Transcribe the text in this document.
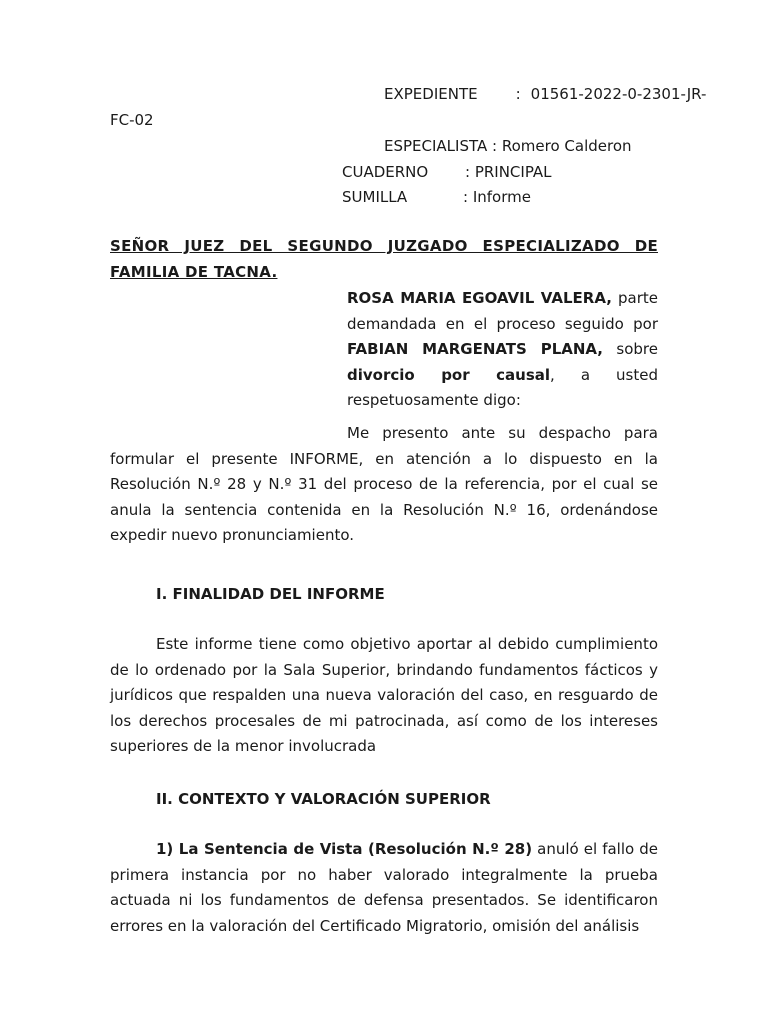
EXPEDIENTE	: 01561-2022-0-2301-JR-
FC-02
ESPECIALISTA : Romero Calderon
CUADERNO : PRINCIPAL
SUMILLA	: Informe
SEÑOR JUEZ DEL SEGUNDO JUZGADO ESPECIALIZADO DE FAMILIA DE TACNA.
ROSA MARIA EGOAVIL VALERA, parte demandada en el proceso seguido por FABIAN MARGENATS PLANA, sobre divorcio por causal, a usted respetuosamente digo:
Me presento ante su despacho para formular el presente INFORME, en atención a lo dispuesto en la Resolución N.º 28 y N.º 31 del proceso de la referencia, por el cual se anula la sentencia contenida en la Resolución N.º 16, ordenándose expedir nuevo pronunciamiento.
I. FINALIDAD DEL INFORME
Este informe tiene como objetivo aportar al debido cumplimiento de lo ordenado por la Sala Superior, brindando fundamentos fácticos y jurídicos que respalden una nueva valoración del caso, en resguardo de los derechos procesales de mi patrocinada, así como de los intereses superiores de la menor involucrada
II. CONTEXTO Y VALORACIÓN SUPERIOR
1) La Sentencia de Vista (Resolución N.º 28) anuló el fallo de primera instancia por no haber valorado integralmente la prueba actuada ni los fundamentos de defensa presentados. Se identificaron errores en la valoración del Certificado Migratorio, omisión del análisis
